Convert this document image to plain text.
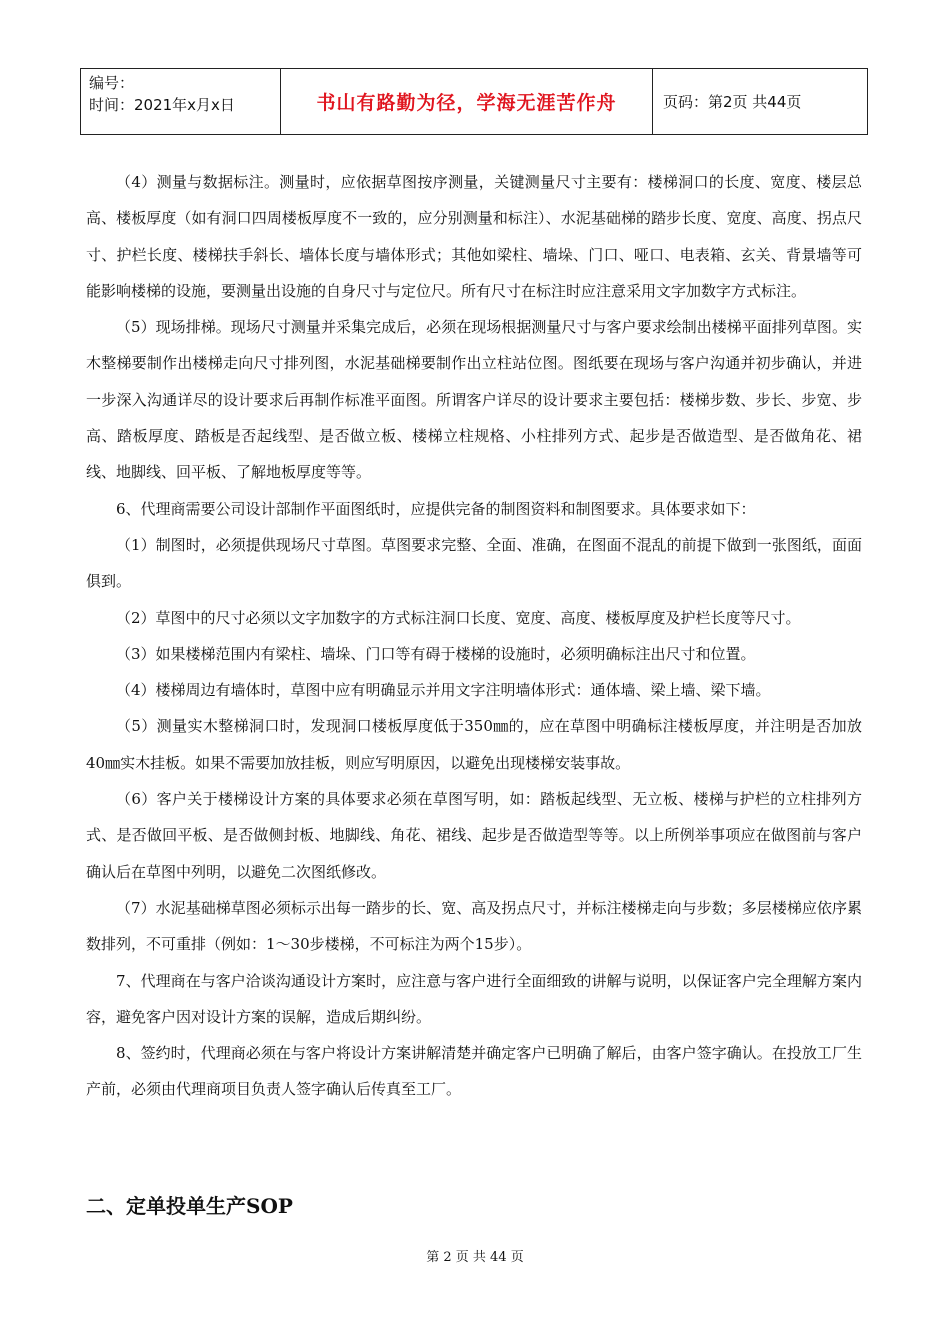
编号：
时间：2021年x月x日	书山有路勤为径，学海无涯苦作舟	页码：第2页 共44页

（4）测量与数据标注。测量时，应依据草图按序测量，关键测量尺寸主要有：楼梯洞口的长度、宽度、楼层总高、楼板厚度（如有洞口四周楼板厚度不一致的，应分别测量和标注）、水泥基础梯的踏步长度、宽度、高度、拐点尺寸、护栏长度、楼梯扶手斜长、墙体长度与墙体形式；其他如梁柱、墙垛、门口、哑口、电表箱、玄关、背景墙等可能影响楼梯的设施，要测量出设施的自身尺寸与定位尺。所有尺寸在标注时应注意采用文字加数字方式标注。

（5）现场排梯。现场尺寸测量并采集完成后，必须在现场根据测量尺寸与客户要求绘制出楼梯平面排列草图。实木整梯要制作出楼梯走向尺寸排列图，水泥基础梯要制作出立柱站位图。图纸要在现场与客户沟通并初步确认，并进一步深入沟通详尽的设计要求后再制作标准平面图。所谓客户详尽的设计要求主要包括：楼梯步数、步长、步宽、步高、踏板厚度、踏板是否起线型、是否做立板、楼梯立柱规格、小柱排列方式、起步是否做造型、是否做角花、裙线、地脚线、回平板、了解地板厚度等等。

6、代理商需要公司设计部制作平面图纸时，应提供完备的制图资料和制图要求。具体要求如下：

（1）制图时，必须提供现场尺寸草图。草图要求完整、全面、准确，在图面不混乱的前提下做到一张图纸，面面俱到。

（2）草图中的尺寸必须以文字加数字的方式标注洞口长度、宽度、高度、楼板厚度及护栏长度等尺寸。

（3）如果楼梯范围内有梁柱、墙垛、门口等有碍于楼梯的设施时，必须明确标注出尺寸和位置。

（4）楼梯周边有墙体时，草图中应有明确显示并用文字注明墙体形式：通体墙、梁上墙、梁下墙。

（5）测量实木整梯洞口时，发现洞口楼板厚度低于350㎜的，应在草图中明确标注楼板厚度，并注明是否加放40㎜实木挂板。如果不需要加放挂板，则应写明原因，以避免出现楼梯安装事故。

（6）客户关于楼梯设计方案的具体要求必须在草图写明，如：踏板起线型、无立板、楼梯与护栏的立柱排列方式、是否做回平板、是否做侧封板、地脚线、角花、裙线、起步是否做造型等等。以上所例举事项应在做图前与客户确认后在草图中列明，以避免二次图纸修改。

（7）水泥基础梯草图必须标示出每一踏步的长、宽、高及拐点尺寸，并标注楼梯走向与步数；多层楼梯应依序累数排列，不可重排（例如：1～30步楼梯，不可标注为两个15步）。

7、代理商在与客户洽谈沟通设计方案时，应注意与客户进行全面细致的讲解与说明，以保证客户完全理解方案内容，避免客户因对设计方案的误解，造成后期纠纷。

8、签约时，代理商必须在与客户将设计方案讲解清楚并确定客户已明确了解后，由客户签字确认。在投放工厂生产前，必须由代理商项目负责人签字确认后传真至工厂。

二、定单投单生产SOP
第 2 页 共 44 页
